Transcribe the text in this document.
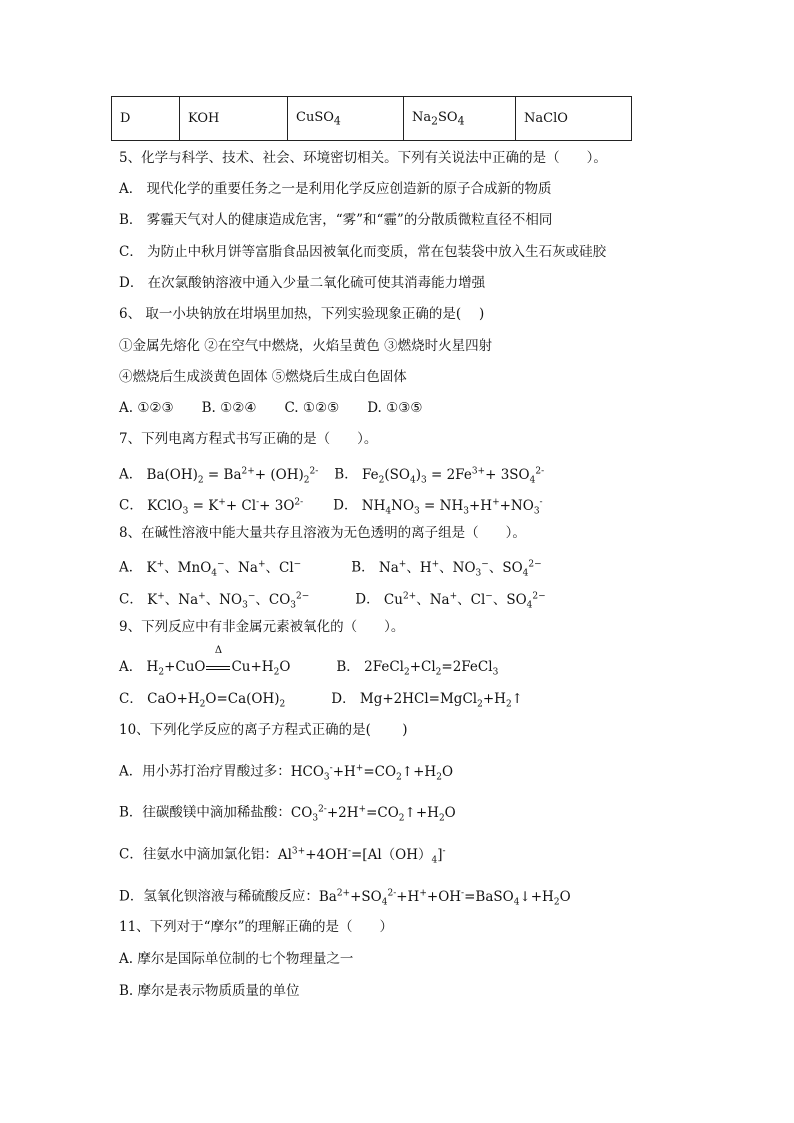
D	KOH	CuSO$_4$	$Na_2SO_4$	NaClO
5、化学与科学、技术、社会、环境密切相关。下列有关说法中正确的是（　　）。
A． 现代化学的重要任务之一是利用化学反应创造新的原子合成新的物质
B． 雾霾天气对人的健康造成危害，“雾”和“霾”的分散质微粒直径不相同
C． 为防止中秋月饼等富脂食品因被氧化而变质，常在包装袋中放入生石灰或硅胶
D． 在次氯酸钠溶液中通入少量二氧化硫可使其消毒能力增强
6、 取一小块钠放在坩埚里加热，下列实验现象正确的是(　 )
①金属先熔化 ②在空气中燃烧，火焰呈黄色 ③燃烧时火星四射
④燃烧后生成淡黄色固体 ⑤燃烧后生成白色固体
A. ①②③ B. ①②④ C. ①②⑤ D. ①③⑤
7、下列电离方程式书写正确的是（　　）。
A． $Ba(OH)_2 = Ba^{2+}+ (OH)_2^{2-}$ B． $Fe_2(SO_4)_3 = 2Fe^{3+}+ 3SO_4^{2-}$
C． KClO$_3$ = $K^++ Cl^-+ 3O^{2-}$ D． $NH_4NO_3 = NH_3+H^++NO_3^-$
8、在碱性溶液中能大量共存且溶液为无色透明的离子组是（　　）。
A． K+、MnO$_4$−、Na+、Cl−	B． Na+、H+、$NO_3^-$、$SO_4^{2-}$
C． K+、Na+、$NO_3^-$、$CO_3^{2-}$	D． $Cu^{2+}$、Na+、Cl−、$SO_4^{2-}$
9、下列反应中有非金属元素被氧化的（　　）。
A． $H_2+CuO$
Δ
$Cu+H_2O$	B． $2FeCl_2+Cl_2=2FeCl_3$
C． $CaO+H_2O=Ca(OH)_2$	D． $Mg+2HCl=MgCl_2+H_2↑$
10、下列化学反应的离子方程式正确的是(　　 )
A．用小苏打治疗胃酸过多：$HCO_3^-+H^+=CO_2↑+H_2O$
B．往碳酸镁中滴加稀盐酸：$CO_3^{2-}+2H^+=CO_2↑+H_2O$
C．往氨水中滴加氯化铝：$Al^{3+}+4OH^-=[Al(OH)_4]^-$
D．氢氧化钡溶液与稀硫酸反应：$Ba^{2+}+SO_4^{2-}+H^++OH^-=BaSO_4↓+H_2O$
11、下列对于“摩尔”的理解正确的是（　　）
A. 摩尔是国际单位制的七个物理量之一
B. 摩尔是表示物质质量的单位
